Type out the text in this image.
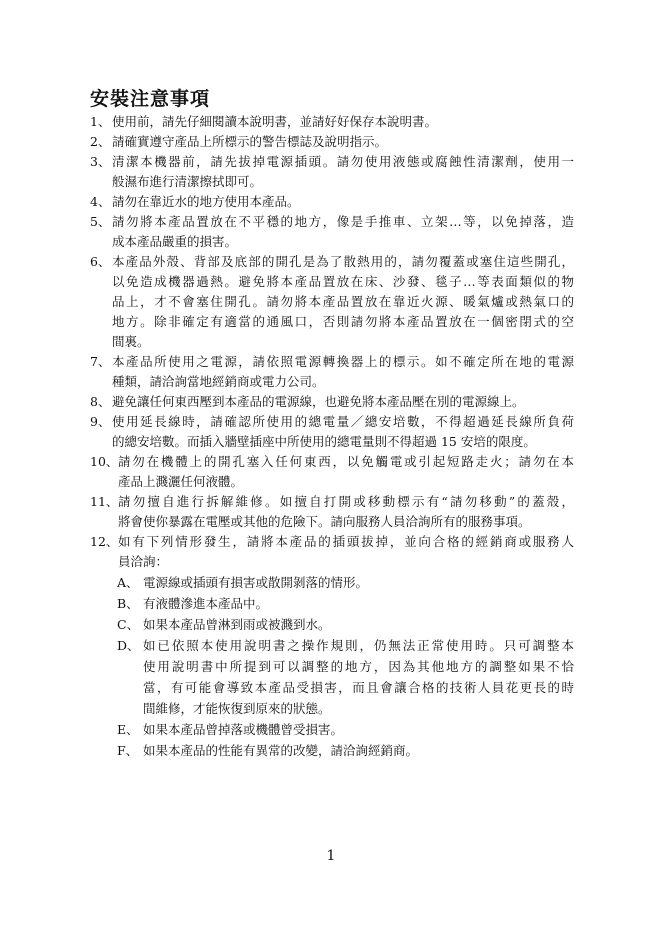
安裝注意事項
1、 使用前，請先仔細閱讀本說明書，並請好好保存本說明書。
2、 請確實遵守產品上所標示的警告標誌及說明指示。
3、 清潔本機器前，請先拔掉電源插頭。請勿使用液態或腐蝕性清潔劑，使用一
般濕布進行清潔擦拭即可。
4、 請勿在靠近水的地方使用本產品。
5、 請勿將本產品置放在不平穩的地方，像是手推車、立架…等，以免掉落，造
成本產品嚴重的損害。
6、 本產品外殼、背部及底部的開孔是為了散熱用的，請勿覆蓋或塞住這些開孔，
以免造成機器過熱。避免將本產品置放在床、沙發、毯子…等表面類似的物
品上，才不會塞住開孔。請勿將本產品置放在靠近火源、暖氣爐或熱氣口的
地方。除非確定有適當的通風口，否則請勿將本產品置放在一個密閉式的空
間裏。
7、 本產品所使用之電源，請依照電源轉換器上的標示。如不確定所在地的電源
種類，請洽詢當地經銷商或電力公司。
8、 避免讓任何東西壓到本產品的電源線，也避免將本產品壓在別的電源線上。
9、 使用延長線時，請確認所使用的總電量／總安培數，不得超過延長線所負荷
的總安培數。而插入牆壁插座中所使用的總電量則不得超過 15 安培的限度。
10、 請勿在機體上的開孔塞入任何東西，以免觸電或引起短路走火；請勿在本
產品上濺灑任何液體。
11、 請勿擅自進行拆解維修。如擅自打開或移動標示有“請勿移動”的蓋殼，
將會使你暴露在電壓或其他的危險下。請向服務人員洽詢所有的服務事項。
12、 如有下列情形發生，請將本產品的插頭拔掉，並向合格的經銷商或服務人
員洽詢：
A、 電源線或插頭有損害或散開剝落的情形。
B、 有液體滲進本產品中。
C、 如果本產品曾淋到雨或被濺到水。
D、 如已依照本使用說明書之操作規則，仍無法正常使用時。只可調整本
使用說明書中所提到可以調整的地方，因為其他地方的調整如果不恰
當，有可能會導致本產品受損害，而且會讓合格的技術人員花更長的時
間維修，才能恢復到原來的狀態。
E、 如果本產品曾掉落或機體曾受損害。
F、 如果本產品的性能有異常的改變，請洽詢經銷商。
1
